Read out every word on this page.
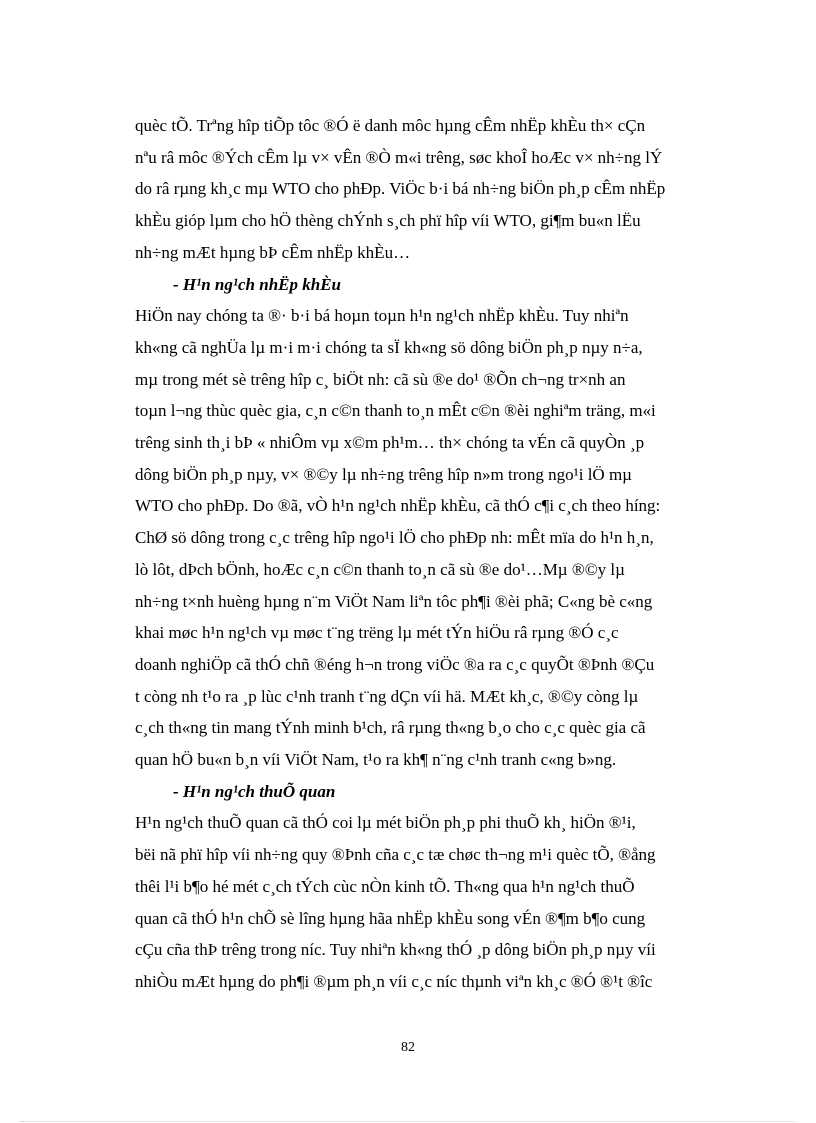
quèc tÕ. Trªng hîp tiÕp tôc ®Ó ë danh môc hµng cÊm nhËp khÈu th× cÇn
nªu râ môc ®Ých cÊm lµ v× vÊn ®Ò m«i trêng, søc khoÎ hoÆc v× nh÷ng lÝ
do râ rµng kh¸c mµ WTO cho phÐp. ViÖc b·i bá nh÷ng biÖn ph¸p cÊm nhËp
khÈu gióp lµm cho hÖ thèng chÝnh s¸ch phï hîp víi WTO, gi¶m bu«n lËu
nh÷ng mÆt hµng bÞ cÊm nhËp khÈu…

- H¹n ng¹ch nhËp khÈu

HiÖn nay chóng ta ®· b·i bá hoµn toµn h¹n ng¹ch nhËp khÈu. Tuy nhiªn
kh«ng cã nghÜa lµ m·i m·i chóng ta sÏ kh«ng sö dông biÖn ph¸p nµy n÷a,
mµ trong mét sè trêng hîp c¸ biÖt nh: cã sù ®e do¹ ®Õn ch¬ng tr×nh an
toµn l¬ng thùc quèc gia, c¸n c©n thanh to¸n mÊt c©n ®èi nghiªm träng, m«i
trêng sinh th¸i bÞ « nhiÔm vµ x©m ph¹m… th× chóng ta vÉn cã quyÒn ¸p
dông biÖn ph¸p nµy, v× ®©y lµ nh÷ng trêng hîp n»m trong ngo¹i lÖ mµ
WTO cho phÐp. Do ®ã, vÒ h¹n ng¹ch nhËp khÈu, cã thÓ c¶i c¸ch theo híng:
ChØ sö dông trong c¸c trêng hîp ngo¹i lÖ cho phÐp nh: mÊt mïa do h¹n h¸n,
lò lôt, dÞch bÖnh, hoÆc c¸n c©n thanh to¸n cã sù ®e do¹…Mµ ®©y lµ
nh÷ng t×nh huèng hµng n¨m ViÖt Nam liªn tôc ph¶i ®èi phã; C«ng bè c«ng
khai møc h¹n ng¹ch vµ møc t¨ng trëng lµ mét tÝn hiÖu râ rµng ®Ó c¸c
doanh nghiÖp cã thÓ chñ ®éng h¬n trong viÖc ®a ra c¸c quyÕt ®Þnh ®Çu
t còng nh t¹o ra ¸p lùc c¹nh tranh t¨ng dÇn víi hä. MÆt kh¸c, ®©y còng lµ
c¸ch th«ng tin mang tÝnh minh b¹ch, râ rµng th«ng b¸o cho c¸c quèc gia cã
quan hÖ bu«n b¸n víi ViÖt Nam, t¹o ra kh¶ n¨ng c¹nh tranh c«ng b»ng.

- H¹n ng¹ch thuÕ quan

H¹n ng¹ch thuÕ quan cã thÓ coi lµ mét biÖn ph¸p phi thuÕ kh¸ hiÖn ®¹i,
bëi nã phï hîp víi nh÷ng quy ®Þnh cña c¸c tæ chøc th¬ng m¹i quèc tÕ, ®ång
thêi l¹i b¶o hé mét c¸ch tÝch cùc nÒn kinh tÕ. Th«ng qua h¹n ng¹ch thuÕ
quan cã thÓ h¹n chÕ sè lîng hµng hãa nhËp khÈu song vÉn ®¶m b¶o cung
cÇu cña thÞ trêng trong níc. Tuy nhiªn kh«ng thÓ ¸p dông biÖn ph¸p nµy víi
nhiÒu mÆt hµng do ph¶i ®µm ph¸n víi c¸c níc thµnh viªn kh¸c ®Ó ®¹t ®îc

82
